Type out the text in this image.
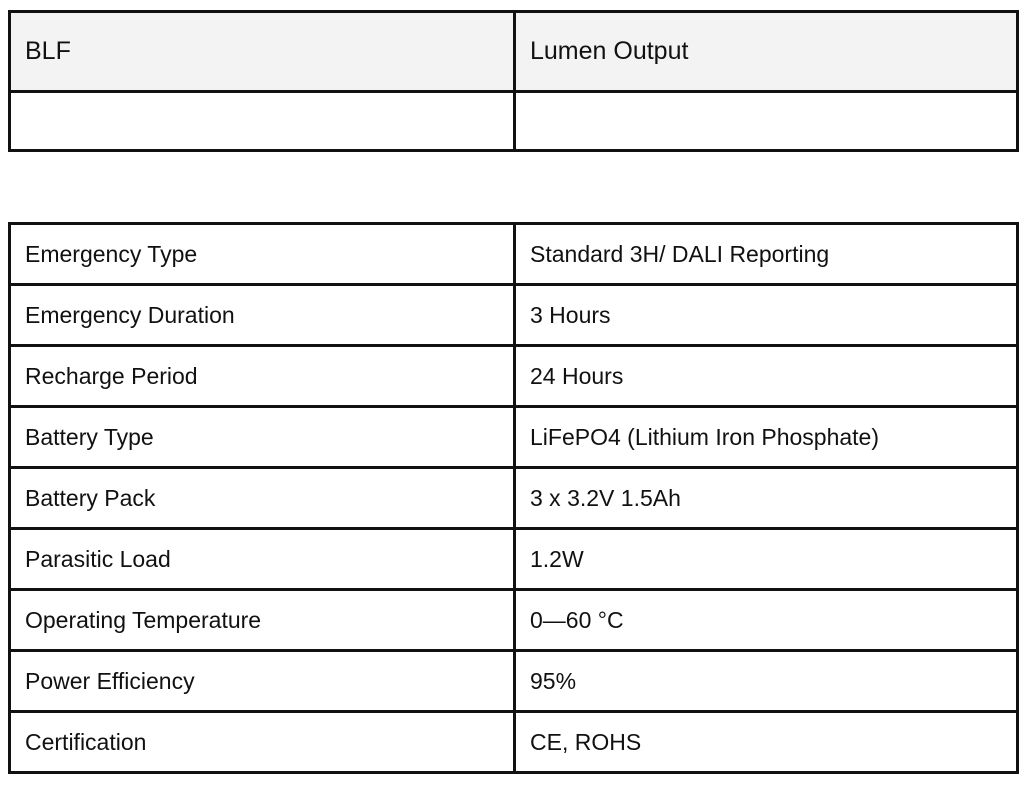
BLF	Lumen Output

Emergency Type	Standard 3H/ DALI Reporting
Emergency Duration	3 Hours
Recharge Period	24 Hours
Battery Type	LiFePO4 (Lithium Iron Phosphate)
Battery Pack	3 x 3.2V 1.5Ah
Parasitic Load	1.2W
Operating Temperature	0—60 °C
Power Efficiency	95%
Certification	CE, ROHS
